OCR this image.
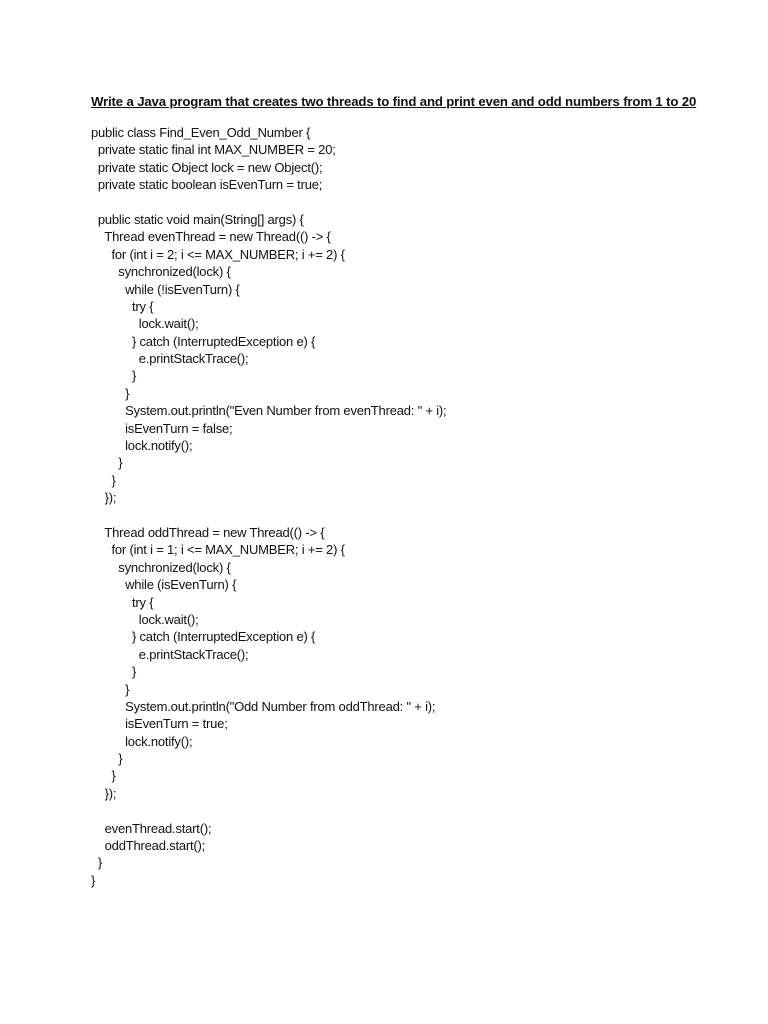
Write a Java program that creates two threads to find and print even and odd numbers from 1 to 20
public class Find_Even_Odd_Number {
private static final int MAX_NUMBER = 20;
private static Object lock = new Object();
private static boolean isEvenTurn = true;
public static void main(String[] args) {
Thread evenThread = new Thread(() -> {
for (int i = 2; i <= MAX_NUMBER; i += 2) {
synchronized(lock) {
while (!isEvenTurn) {
try {
lock.wait();
} catch (InterruptedException e) {
e.printStackTrace();
}
}
System.out.println("Even Number from evenThread: " + i);
isEvenTurn = false;
lock.notify();
}
}
});
Thread oddThread = new Thread(() -> {
for (int i = 1; i <= MAX_NUMBER; i += 2) {
synchronized(lock) {
while (isEvenTurn) {
try {
lock.wait();
} catch (InterruptedException e) {
e.printStackTrace();
}
}
System.out.println("Odd Number from oddThread: " + i);
isEvenTurn = true;
lock.notify();
}
}
});
evenThread.start();
oddThread.start();
}
}
